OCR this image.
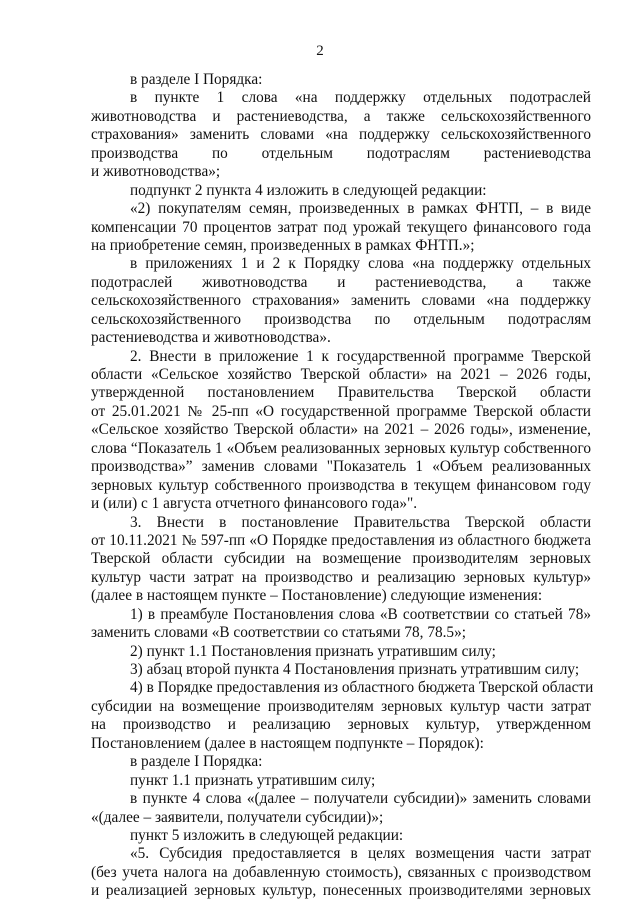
2
в разделе I Порядка:
в пункте 1 слова «на поддержку отдельных подотраслей
животноводства и растениеводства, а также сельскохозяйственного
страхования» заменить словами «на поддержку сельскохозяйственного
производства по отдельным подотраслям растениеводства
и животноводства»;
подпункт 2 пункта 4 изложить в следующей редакции:
«2) покупателям семян, произведенных в рамках ФНТП, – в виде
компенсации 70 процентов затрат под урожай текущего финансового года
на приобретение семян, произведенных в рамках ФНТП.»;
в приложениях 1 и 2 к Порядку слова «на поддержку отдельных
подотраслей животноводства и растениеводства, а также
сельскохозяйственного страхования» заменить словами «на поддержку
сельскохозяйственного производства по отдельным подотраслям
растениеводства и животноводства».
2. Внести в приложение 1 к государственной программе Тверской
области «Сельское хозяйство Тверской области» на 2021 – 2026 годы,
утвержденной постановлением Правительства Тверской области
от 25.01.2021 № 25-пп «О государственной программе Тверской области
«Сельское хозяйство Тверской области» на 2021 – 2026 годы», изменение,
слова “Показатель 1 «Объем реализованных зерновых культур собственного
производства»” заменив словами "Показатель 1 «Объем реализованных
зерновых культур собственного производства в текущем финансовом году
и (или) с 1 августа отчетного финансового года»".
3. Внести в постановление Правительства Тверской области
от 10.11.2021 № 597-пп «О Порядке предоставления из областного бюджета
Тверской области субсидии на возмещение производителям зерновых
культур части затрат на производство и реализацию зерновых культур»
(далее в настоящем пункте – Постановление) следующие изменения:
1) в преамбуле Постановления слова «В соответствии со статьей 78»
заменить словами «В соответствии со статьями 78, 78.5»;
2) пункт 1.1 Постановления признать утратившим силу;
3) абзац второй пункта 4 Постановления признать утратившим силу;
4) в Порядке предоставления из областного бюджета Тверской области
субсидии на возмещение производителям зерновых культур части затрат
на производство и реализацию зерновых культур, утвержденном
Постановлением (далее в настоящем подпункте – Порядок):
в разделе I Порядка:
пункт 1.1 признать утратившим силу;
в пункте 4 слова «(далее – получатели субсидии)» заменить словами
«(далее – заявители, получатели субсидии)»;
пункт 5 изложить в следующей редакции:
«5. Субсидия предоставляется в целях возмещения части затрат
(без учета налога на добавленную стоимость), связанных с производством
и реализацией зерновых культур, понесенных производителями зерновых
